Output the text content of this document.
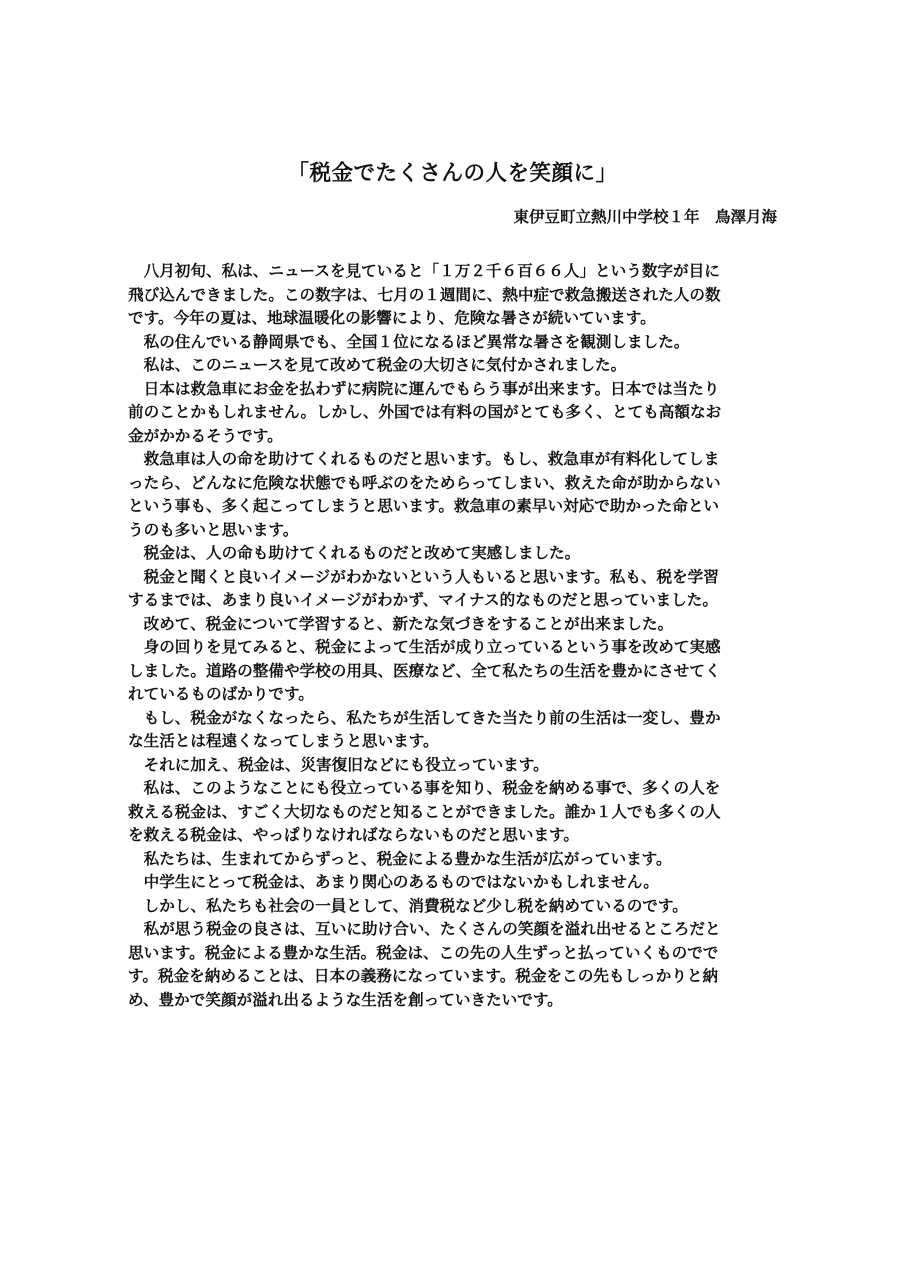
「税金でたくさんの人を笑顔に」
東伊豆町立熱川中学校１年　鳥澤月海
　八月初旬、私は、ニュースを見ていると「１万２千６百６６人」という数字が目に
飛び込んできました。この数字は、七月の１週間に、熱中症で救急搬送された人の数
です。今年の夏は、地球温暖化の影響により、危険な暑さが続いています。
　私の住んでいる静岡県でも、全国１位になるほど異常な暑さを観測しました。
　私は、このニュースを見て改めて税金の大切さに気付かされました。
　日本は救急車にお金を払わずに病院に運んでもらう事が出来ます。日本では当たり
前のことかもしれません。しかし、外国では有料の国がとても多く、とても高額なお
金がかかるそうです。
　救急車は人の命を助けてくれるものだと思います。もし、救急車が有料化してしま
ったら、どんなに危険な状態でも呼ぶのをためらってしまい、救えた命が助からない
という事も、多く起こってしまうと思います。救急車の素早い対応で助かった命とい
うのも多いと思います。
　税金は、人の命も助けてくれるものだと改めて実感しました。
　税金と聞くと良いイメージがわかないという人もいると思います。私も、税を学習
するまでは、あまり良いイメージがわかず、マイナス的なものだと思っていました。
　改めて、税金について学習すると、新たな気づきをすることが出来ました。
　身の回りを見てみると、税金によって生活が成り立っているという事を改めて実感
しました。道路の整備や学校の用具、医療など、全て私たちの生活を豊かにさせてく
れているものばかりです。
　もし、税金がなくなったら、私たちが生活してきた当たり前の生活は一変し、豊か
な生活とは程遠くなってしまうと思います。
　それに加え、税金は、災害復旧などにも役立っています。
　私は、このようなことにも役立っている事を知り、税金を納める事で、多くの人を
救える税金は、すごく大切なものだと知ることができました。誰か１人でも多くの人
を救える税金は、やっぱりなければならないものだと思います。
　私たちは、生まれてからずっと、税金による豊かな生活が広がっています。
　中学生にとって税金は、あまり関心のあるものではないかもしれません。
　しかし、私たちも社会の一員として、消費税など少し税を納めているのです。
　私が思う税金の良さは、互いに助け合い、たくさんの笑顔を溢れ出せるところだと
思います。税金による豊かな生活。税金は、この先の人生ずっと払っていくものでで
す。税金を納めることは、日本の義務になっています。税金をこの先もしっかりと納
め、豊かで笑顔が溢れ出るような生活を創っていきたいです。
